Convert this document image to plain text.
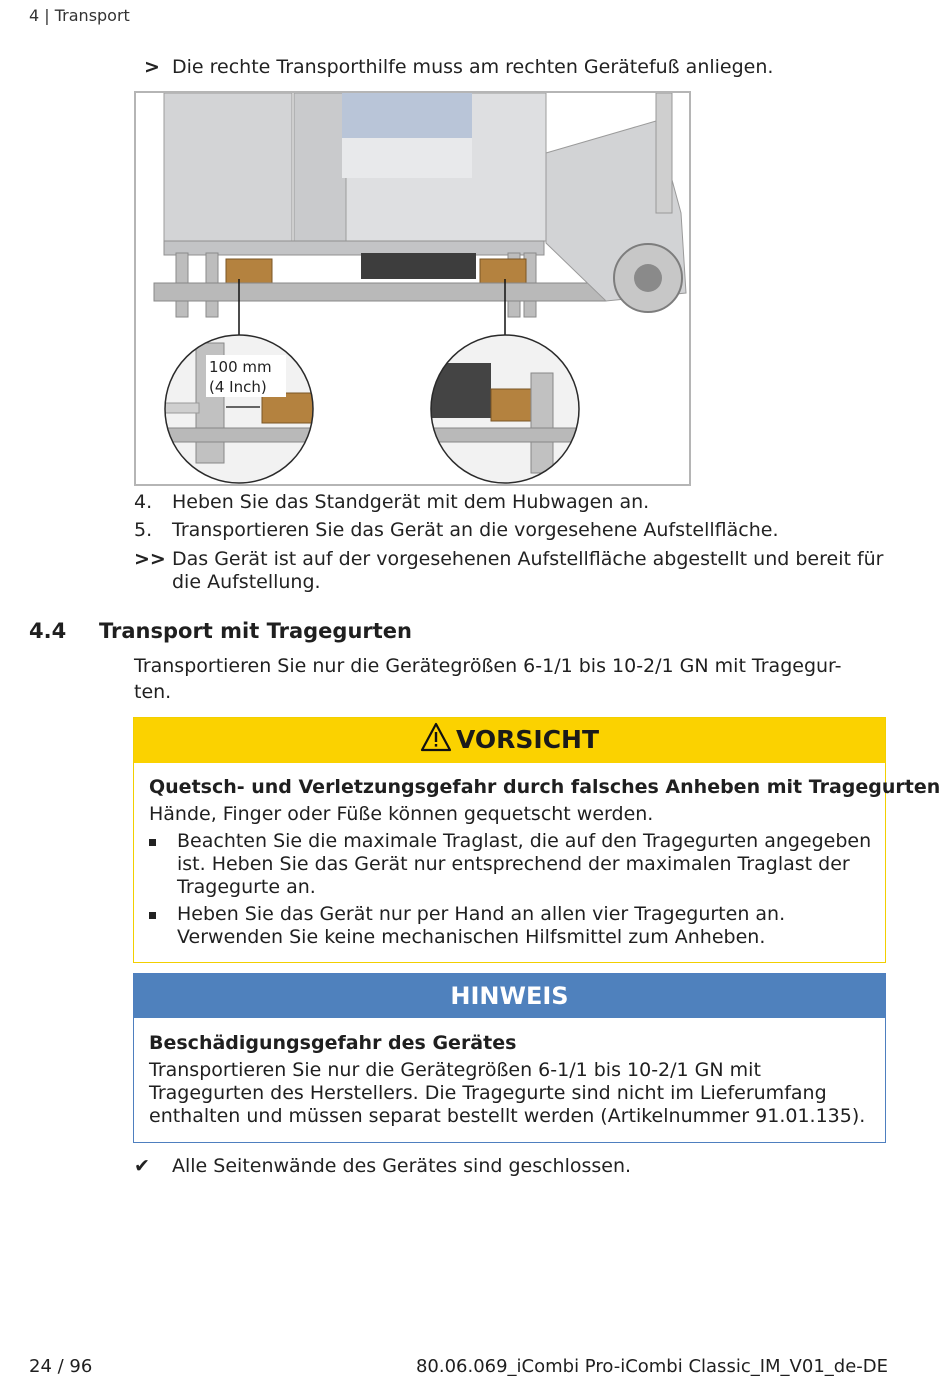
4 | Transport
> Die rechte Transporthilfe muss am rechten Gerätefuß anliegen.
100 mm
(4 Inch)
4. Heben Sie das Standgerät mit dem Hubwagen an.
5. Transportieren Sie das Gerät an die vorgesehene Aufstellfläche.
>> Das Gerät ist auf der vorgesehenen Aufstellfläche abgestellt und bereit für
die Aufstellung.
4.4 Transport mit Tragegurten
Transportieren Sie nur die Gerätegrößen 6-1/1 bis 10-2/1 GN mit Tragegur-
ten.
VORSICHT
Quetsch- und Verletzungsgefahr durch falsches Anheben mit Tragegurten
Hände, Finger oder Füße können gequetscht werden.
Beachten Sie die maximale Traglast, die auf den Tragegurten angegeben
ist. Heben Sie das Gerät nur entsprechend der maximalen Traglast der
Tragegurte an.
Heben Sie das Gerät nur per Hand an allen vier Tragegurten an.
Verwenden Sie keine mechanischen Hilfsmittel zum Anheben.
HINWEIS
Beschädigungsgefahr des Gerätes
Transportieren Sie nur die Gerätegrößen 6-1/1 bis 10-2/1 GN mit
Tragegurten des Herstellers. Die Tragegurte sind nicht im Lieferumfang
enthalten und müssen separat bestellt werden (Artikelnummer 91.01.135).
✔ Alle Seitenwände des Gerätes sind geschlossen.
24 / 96	80.06.069_iCombi Pro-iCombi Classic_IM_V01_de-DE
